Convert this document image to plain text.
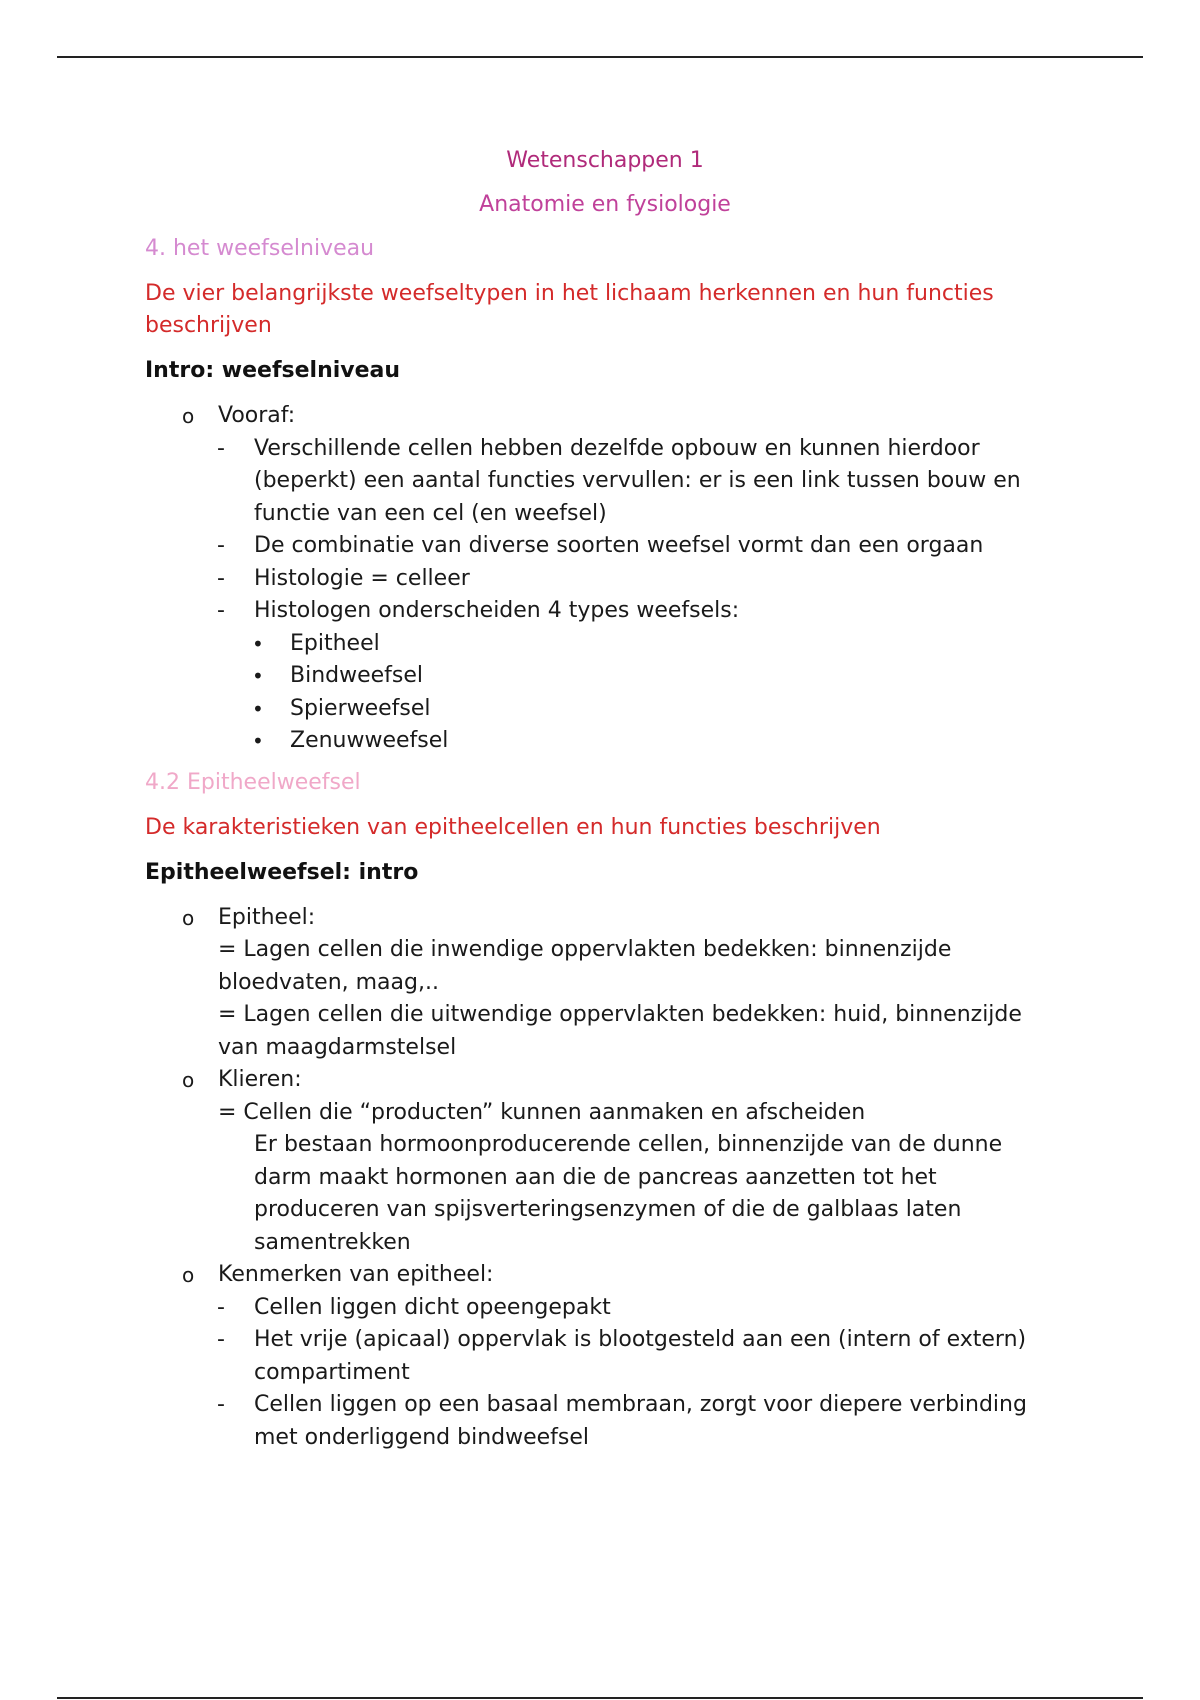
Wetenschappen 1
Anatomie en fysiologie
4. het weefselniveau
De vier belangrijkste weefseltypen in het lichaam herkennen en hun functies beschrijven
Intro: weefselniveau
o Vooraf:
- Verschillende cellen hebben dezelfde opbouw en kunnen hierdoor (beperkt) een aantal functies vervullen: er is een link tussen bouw en functie van een cel (en weefsel)
- De combinatie van diverse soorten weefsel vormt dan een orgaan
- Histologie = celleer
- Histologen onderscheiden 4 types weefsels:
• Epitheel
• Bindweefsel
• Spierweefsel
• Zenuwweefsel
4.2 Epitheelweefsel
De karakteristieken van epitheelcellen en hun functies beschrijven
Epitheelweefsel: intro
o Epitheel:
= Lagen cellen die inwendige oppervlakten bedekken: binnenzijde bloedvaten, maag,..
= Lagen cellen die uitwendige oppervlakten bedekken: huid, binnenzijde van maagdarmstelsel
o Klieren:
= Cellen die “producten” kunnen aanmaken en afscheiden
Er bestaan hormoonproducerende cellen, binnenzijde van de dunne darm maakt hormonen aan die de pancreas aanzetten tot het produceren van spijsverteringsenzymen of die de galblaas laten samentrekken
o Kenmerken van epitheel:
- Cellen liggen dicht opeengepakt
- Het vrije (apicaal) oppervlak is blootgesteld aan een (intern of extern) compartiment
- Cellen liggen op een basaal membraan, zorgt voor diepere verbinding met onderliggend bindweefsel
